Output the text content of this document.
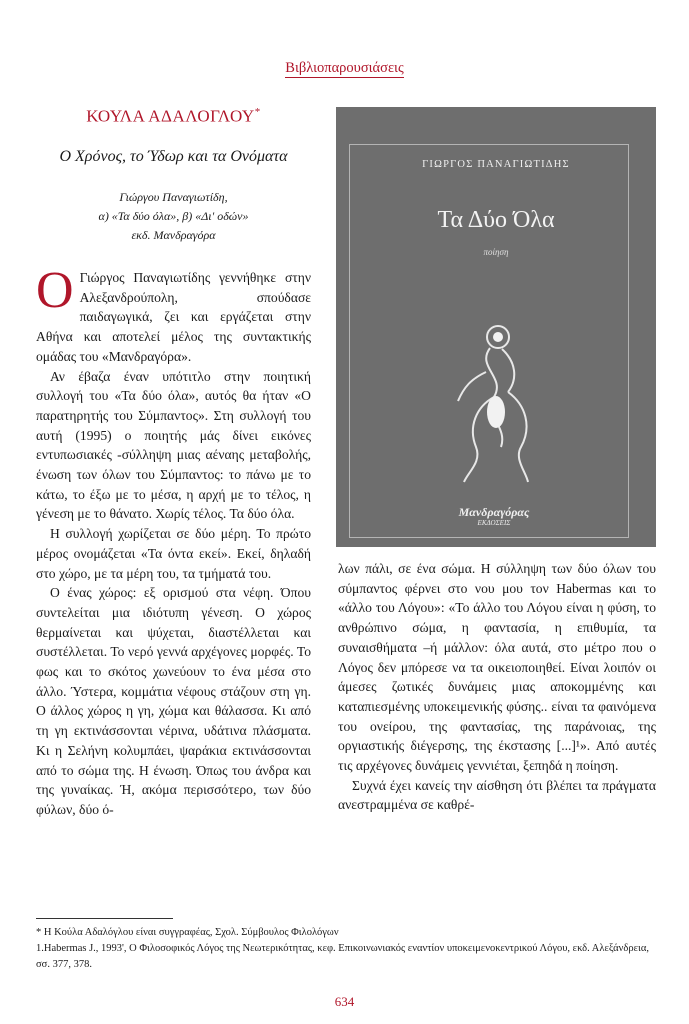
Βιβλιοπαρουσιάσεις
ΚΟΥΛΑ ΑΔΑΛΟΓΛΟΥ*
Ο Χρόνος, το Ύδωρ και τα Ονόματα
Γιώργου Παναγιωτίδη,
α) «Τα δύο όλα», β) «Δι' οδών»
εκδ. Μανδραγόρα

Ο Γιώργος Παναγιωτίδης γεννήθηκε στην Αλεξανδρούπολη, σπούδασε παιδαγωγικά, ζει και εργάζεται στην Αθήνα και αποτελεί μέλος της συντακτικής ομάδας του «Μανδραγόρα».

Αν έβαζα έναν υπότιτλο στην ποιητική συλλογή του «Τα δύο όλα», αυτός θα ήταν «Ο παρατηρητής του Σύμπαντος». Στη συλλογή του αυτή (1995) ο ποιητής μάς δίνει εικόνες εντυπωσιακές -σύλληψη μιας αέναης μεταβολής, ένωση των όλων του Σύμπαντος: το πάνω με το κάτω, το έξω με το μέσα, η αρχή με το τέλος, η γένεση με το θάνατο. Χωρίς τέλος. Τα δύο όλα.

Η συλλογή χωρίζεται σε δύο μέρη. Το πρώτο μέρος ονομάζεται «Τα όντα εκεί». Εκεί, δηλαδή στο χώρο, με τα μέρη του, τα τμήματά του.

Ο ένας χώρος: εξ ορισμού στα νέφη. Όπου συντελείται μια ιδιότυπη γένεση. Ο χώρος θερμαίνεται και ψύχεται, διαστέλλεται και συστέλλεται. Το νερό γεννά αρχέγονες μορφές. Το φως και το σκότος χωνεύουν το ένα μέσα στο άλλο. Ύστερα, κομμάτια νέφους στάζουν στη γη. Ο άλλος χώρος η γη, χώμα και θάλασσα. Κι από τη γη εκτινάσσονται νέρινα, υδάτινα πλάσματα. Κι η Σελήνη κολυμπάει, ψαράκια εκτινάσσονται από το σώμα της. Η ένωση. Όπως του άνδρα και της γυναίκας. Ή, ακόμα περισσότερο, των δύο φύλων, δύο ό-

ΓΙΩΡΓΟΣ ΠΑΝΑΓΙΩΤΙΔΗΣ
Τα Δύο Όλα
ποίηση
Μανδραγόρας
ΕΚΔΟΣΕΙΣ

λων πάλι, σε ένα σώμα. Η σύλληψη των δύο όλων του σύμπαντος φέρνει στο νου μου τον Habermas και το «άλλο του Λόγου»: «Το άλλο του Λόγου είναι η φύση, το ανθρώπινο σώμα, η φαντασία, η επιθυμία, τα συναισθήματα –ή μάλλον: όλα αυτά, στο μέτρο που ο Λόγος δεν μπόρεσε να τα οικειοποιηθεί. Είναι λοιπόν οι άμεσες ζωτικές δυνάμεις μιας αποκομμένης και καταπιεσμένης υποκειμενικής φύσης.. είναι τα φαινόμενα του ονείρου, της φαντασίας, της παράνοιας, της οργιαστικής διέγερσης, της έκστασης [...]¹». Από αυτές τις αρχέγονες δυνάμεις γεννιέται, ξεπηδά η ποίηση.

Συχνά έχει κανείς την αίσθηση ότι βλέπει τα πράγματα ανεστραμμένα σε καθρέ-

* Η Κούλα Αδαλόγλου είναι συγγραφέας, Σχολ. Σύμβουλος Φιλολόγων

1.Habermas J., 1993', Ο Φιλοσοφικός Λόγος της Νεωτερικότητας, κεφ. Επικοινωνιακός εναντίον υποκειμενοκεντρικού Λόγου, εκδ. Αλεξάνδρεια, σσ. 377, 378.

634
